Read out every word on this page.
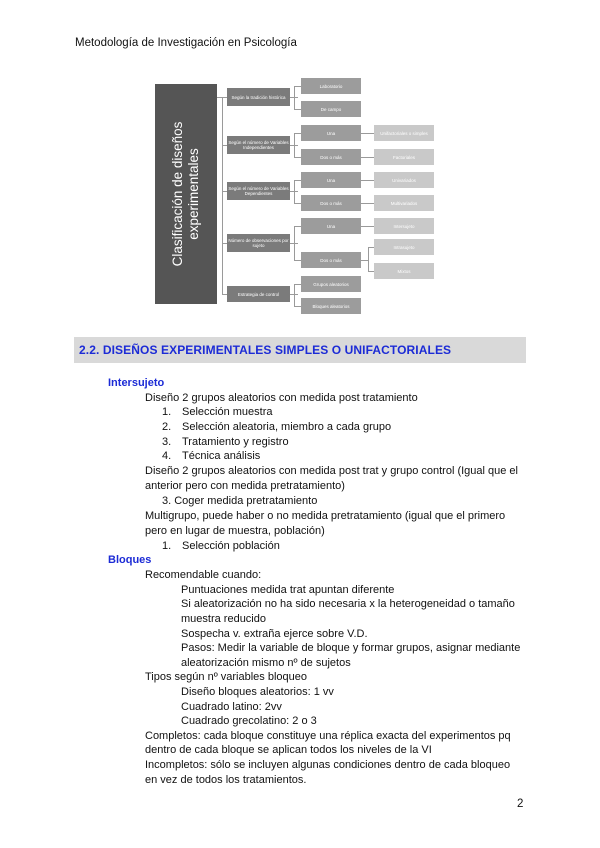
Metodología de Investigación en Psicología
Clasificación de diseños experimentales
Según la tradición histórica
Según el número de Variables Independientes
Según el número de Variables Dependientes
Número de observaciones por sujeto
Estrategia de control
Laboratorio
De campo
Una
Dos o más
Una
Dos o más
Una
Dos o más
Grupos aleatorios
Bloques aleatorios
Unifactoriales o simples
Factoriales
Univariados
Multivariados
Intersujeto
Intrasujeto
Mixtos
2.2. DISEÑOS EXPERIMENTALES SIMPLES O UNIFACTORIALES
Intersujeto
Diseño 2 grupos aleatorios con medida post tratamiento
1. Selección muestra
2. Selección aleatoria, miembro a cada grupo
3. Tratamiento y registro
4. Técnica análisis
Diseño 2 grupos aleatorios con medida post trat y grupo control (Igual que el
anterior pero con medida pretratamiento)
3. Coger medida pretratamiento
Multigrupo, puede haber o no medida pretratamiento (igual que el primero
pero en lugar de muestra, población)
1. Selección población
Bloques
Recomendable cuando:
Puntuaciones medida trat apuntan diferente
Si aleatorización no ha sido necesaria x la heterogeneidad o tamaño
muestra reducido
Sospecha v. extraña ejerce sobre V.D.
Pasos: Medir la variable de bloque y formar grupos, asignar mediante
aleatorización mismo nº de sujetos
Tipos según nº variables bloqueo
Diseño bloques aleatorios: 1 vv
Cuadrado latino: 2vv
Cuadrado grecolatino: 2 o 3
Completos: cada bloque constituye una réplica exacta del experimentos pq
dentro de cada bloque se aplican todos los niveles de la VI
Incompletos: sólo se incluyen algunas condiciones dentro de cada bloqueo
en vez de todos los tratamientos.
2
